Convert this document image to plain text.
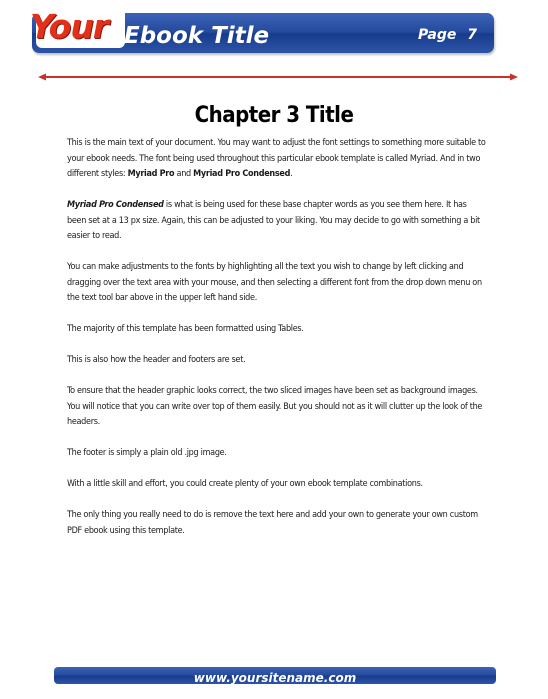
Your Ebook Title	Page 7
Chapter 3 Title

This is the main text of your document. You may want to adjust the font settings to something more suitable to your ebook needs. The font being used throughout this particular ebook template is called Myriad. And in two different styles: Myriad Pro and Myriad Pro Condensed.

Myriad Pro Condensed is what is being used for these base chapter words as you see them here. It has been set at a 13 px size. Again, this can be adjusted to your liking. You may decide to go with something a bit easier to read.

You can make adjustments to the fonts by highlighting all the text you wish to change by left clicking and dragging over the text area with your mouse, and then selecting a different font from the drop down menu on the text tool bar above in the upper left hand side.

The majority of this template has been formatted using Tables.

This is also how the header and footers are set.

To ensure that the header graphic looks correct, the two sliced images have been set as background images. You will notice that you can write over top of them easily. But you should not as it will clutter up the look of the headers.

The footer is simply a plain old .jpg image.

With a little skill and effort, you could create plenty of your own ebook template combinations.

The only thing you really need to do is remove the text here and add your own to generate your own custom PDF ebook using this template.

www.yoursitename.com
